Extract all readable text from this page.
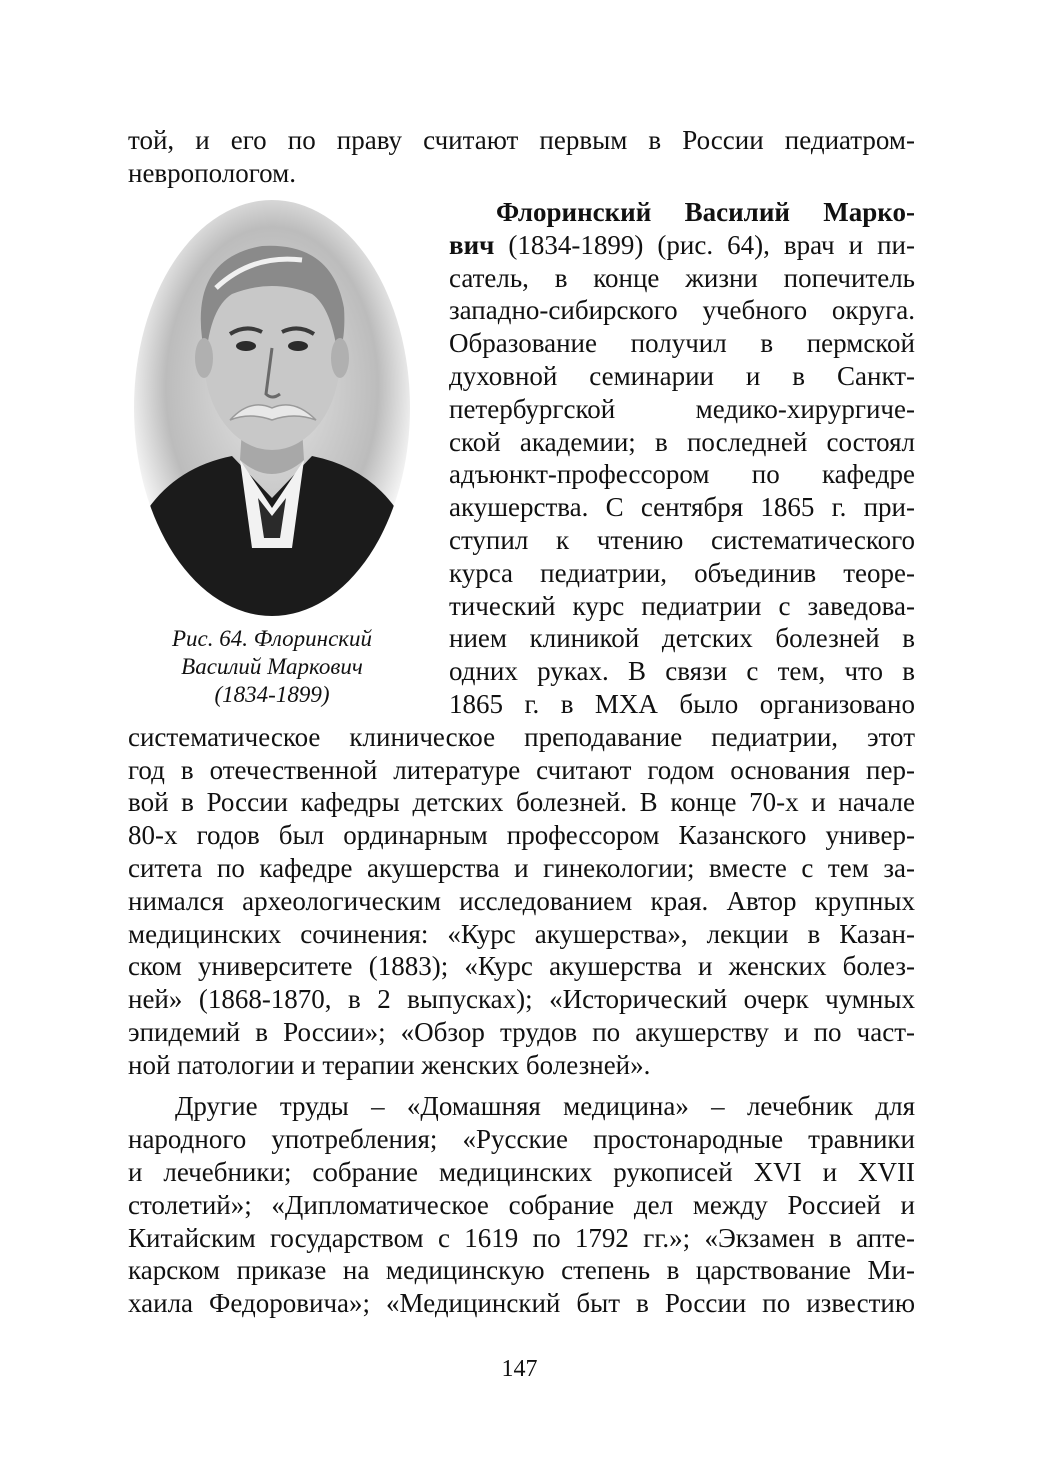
той, и его по праву считают первым в России педиатром-

невропологом.

Рис. 64. Флоринский
Василий Маркович
(1834-1899)

Флоринский Василий Марко-

вич (1834-1899) (рис. 64), врач и пи-

сатель, в конце жизни попечитель

западно-сибирского учебного округа.

Образование получил в пермской

духовной семинарии и в Санкт-

петербургской медико-хирургиче-

ской академии; в последней состоял

адъюнкт-профессором по кафедре

акушерства. С сентября 1865 г. при-

ступил к чтению систематического

курса педиатрии, объединив теоре-

тический курс педиатрии с заведова-

нием клиникой детских болезней в

одних руках. В связи с тем, что в

1865 г. в МХА было организовано

систематическое клиническое преподавание педиатрии, этот

год в отечественной литературе считают годом основания пер-

вой в России кафедры детских болезней. В конце 70-х и начале

80-х годов был ординарным профессором Казанского универ-

ситета по кафедре акушерства и гинекологии; вместе с тем за-

нимался археологическим исследованием края. Автор крупных

медицинских сочинения: «Курс акушерства», лекции в Казан-

ском университете (1883); «Курс акушерства и женских болез-

ней» (1868-1870, в 2 выпусках); «Исторический очерк чумных

эпидемий в России»; «Обзор трудов по акушерству и по част-

ной патологии и терапии женских болезней».

Другие труды – «Домашняя медицина» – лечебник для

народного употребления; «Русские простонародные травники

и лечебники; собрание медицинских рукописей XVI и XVII

столетий»; «Дипломатическое собрание дел между Россией и

Китайским государством с 1619 по 1792 гг.»; «Экзамен в апте-

карском приказе на медицинскую степень в царствование Ми-

хаила Федоровича»; «Медицинский быт в России по известию

147
